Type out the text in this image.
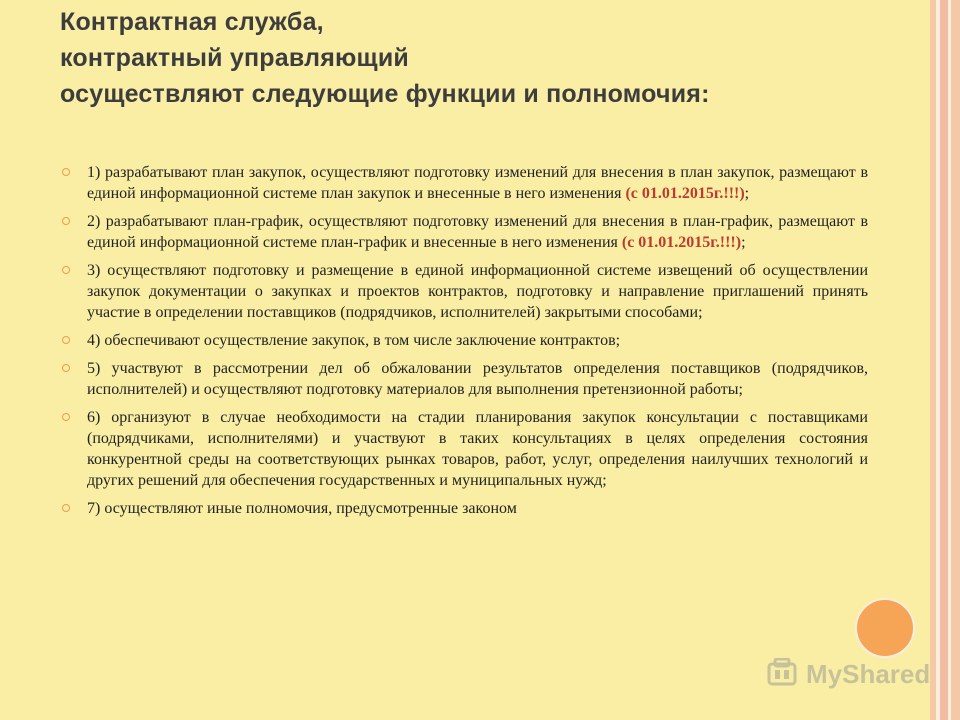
Контрактная служба,
контрактный управляющий
осуществляют следующие функции и полномочия:
1) разрабатывают план закупок, осуществляют подготовку изменений для внесения в план закупок, размещают в единой информационной системе план закупок и внесенные в него изменения (с 01.01.2015г.!!!);
2) разрабатывают план-график, осуществляют подготовку изменений для внесения в план-график, размещают в единой информационной системе план-график и внесенные в него изменения (с 01.01.2015г.!!!);
3) осуществляют подготовку и размещение в единой информационной системе извещений об осуществлении закупок документации о закупках и проектов контрактов, подготовку и направление приглашений принять участие в определении поставщиков (подрядчиков, исполнителей) закрытыми способами;
4) обеспечивают осуществление закупок, в том числе заключение контрактов;
5) участвуют в рассмотрении дел об обжаловании результатов определения поставщиков (подрядчиков, исполнителей) и осуществляют подготовку материалов для выполнения претензионной работы;
6) организуют в случае необходимости на стадии планирования закупок консультации с поставщиками (подрядчиками, исполнителями) и участвуют в таких консультациях в целях определения состояния конкурентной среды на соответствующих рынках товаров, работ, услуг, определения наилучших технологий и других решений для обеспечения государственных и муниципальных нужд;
7) осуществляют иные полномочия, предусмотренные законом
MyShared
